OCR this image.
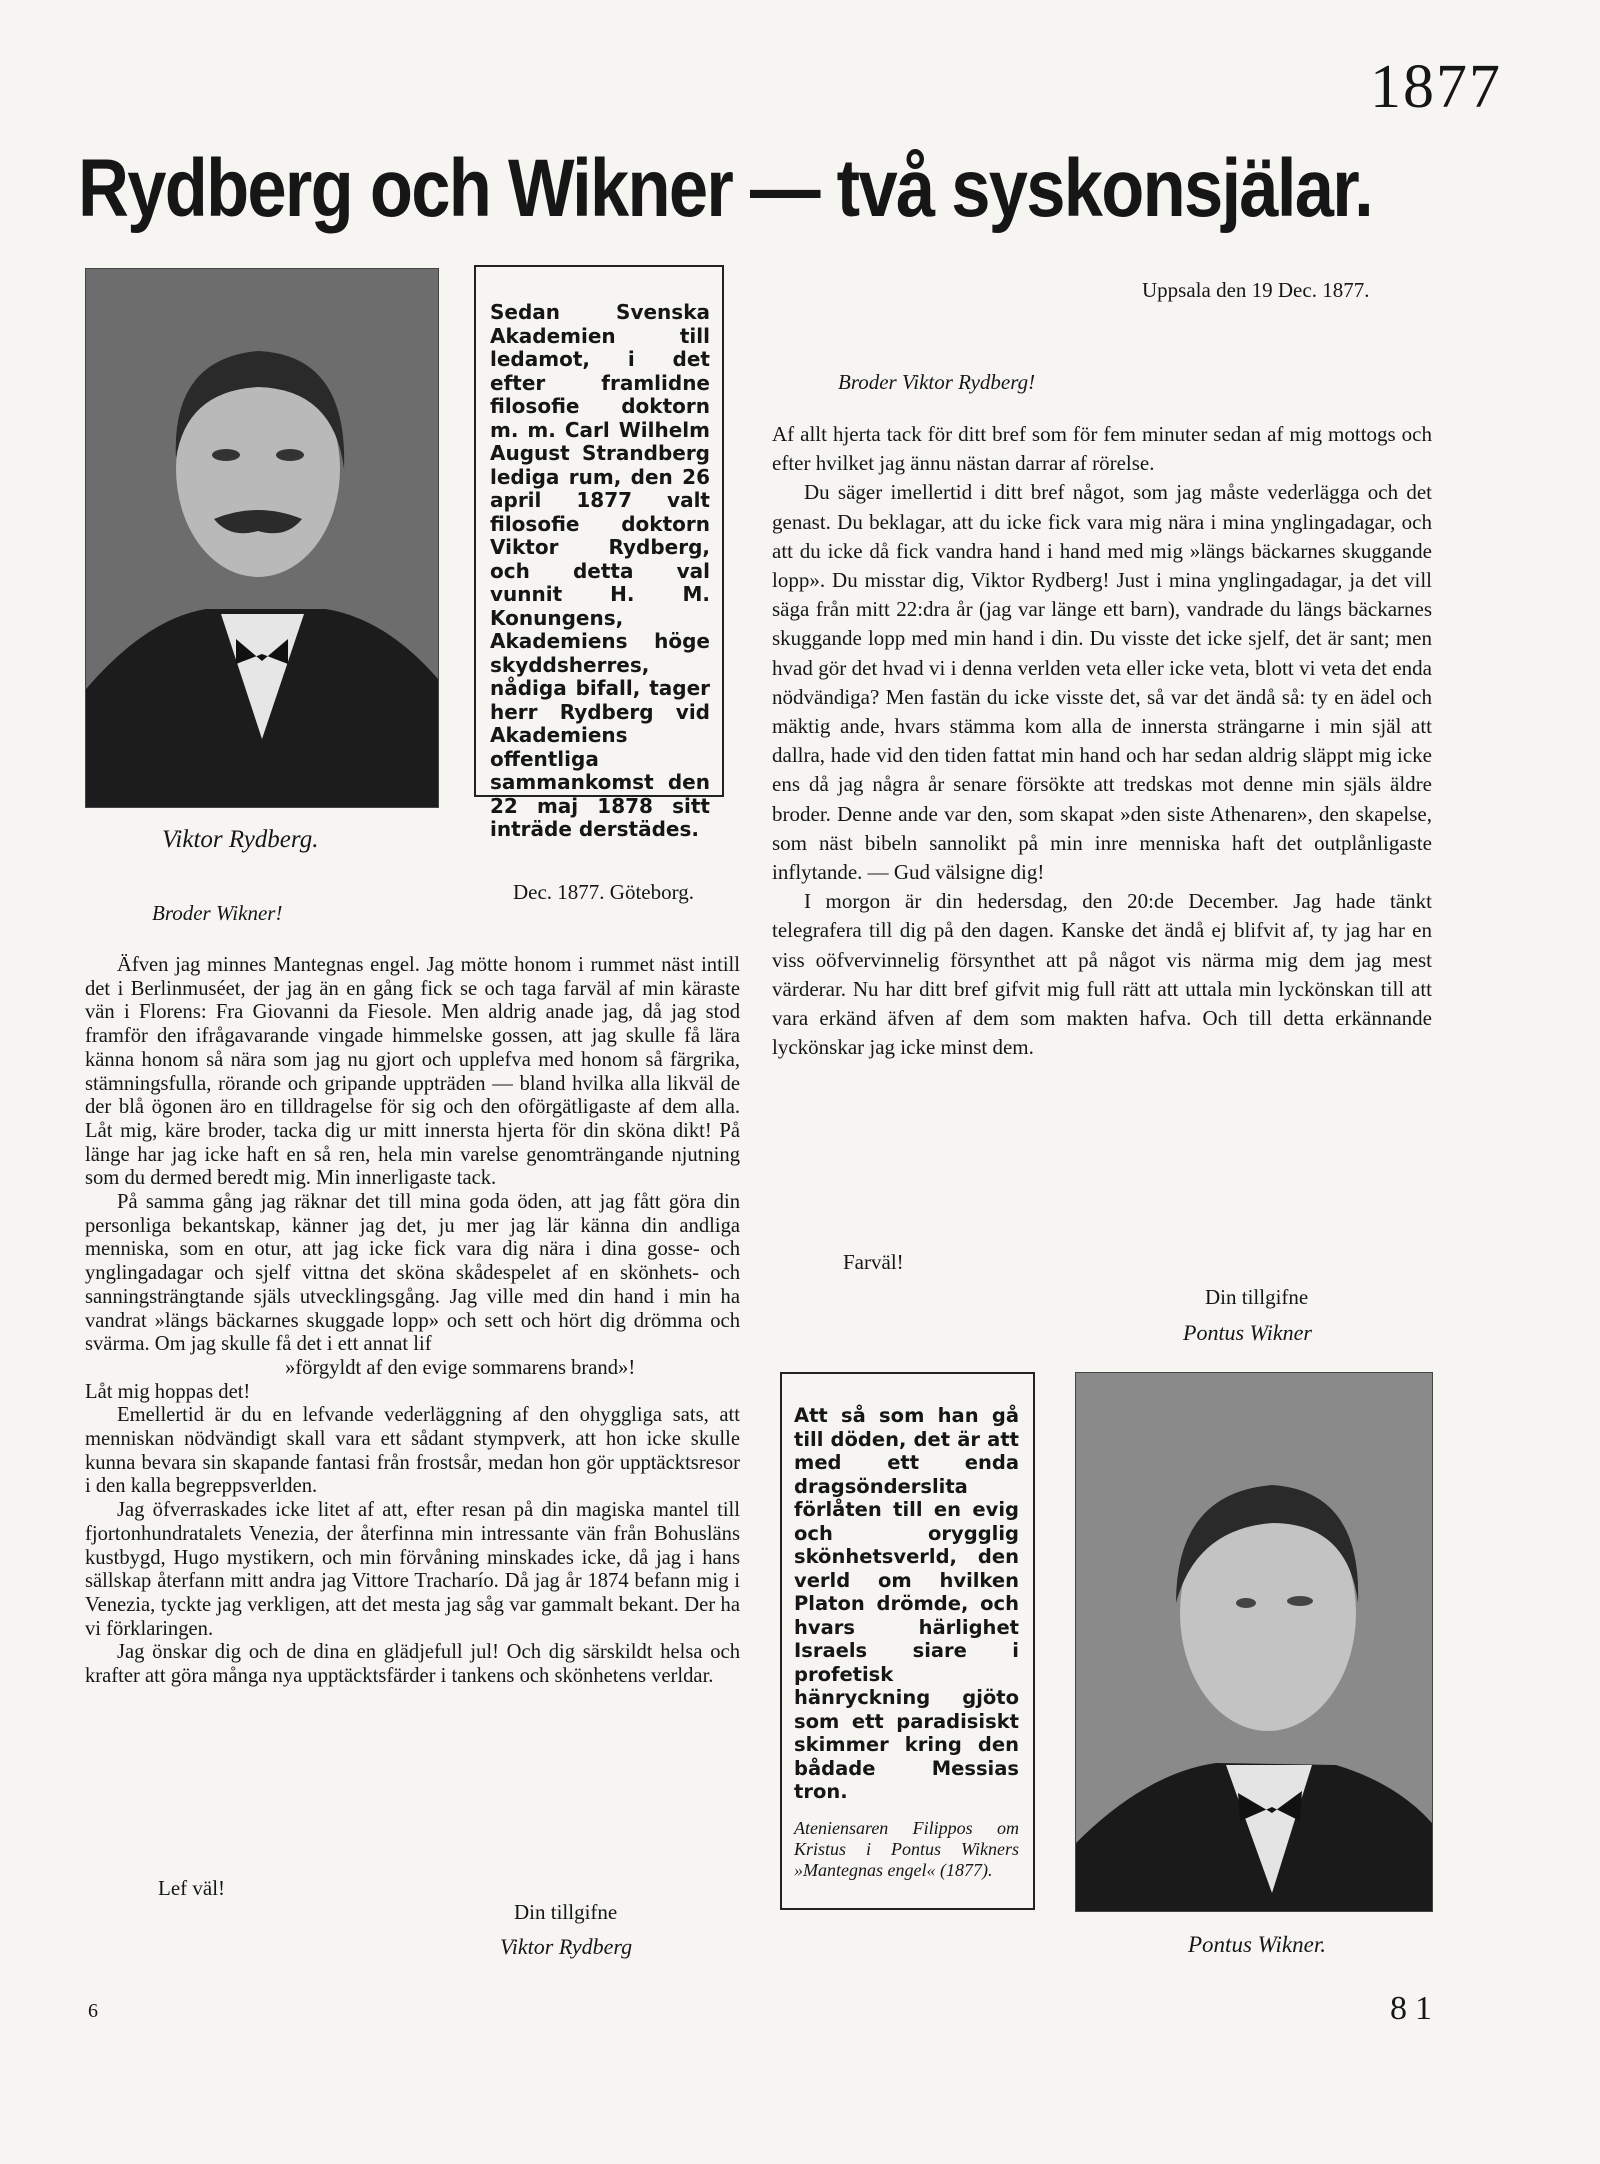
1877
Rydberg och Wikner — två syskonsjälar.
Sedan Svenska Akademien till ledamot, i det efter framlidne filosofie doktorn m. m. Carl Wilhelm August Strandberg lediga rum, den 26 april 1877 valt filosofie doktorn Viktor Rydberg, och detta val vunnit H. M. Konungens, Akademiens höge skyddsherres, nådiga bifall, tager herr Rydberg vid Akademiens offentliga sammankomst den 22 maj 1878 sitt inträde derstädes.
Viktor Rydberg.
Dec. 1877. Göteborg.
Broder Wikner!

Äfven jag minnes Mantegnas engel. Jag mötte honom i rummet näst intill det i Berlinmuséet, der jag än en gång fick se och taga farväl af min käraste vän i Florens: Fra Giovanni da Fiesole. Men aldrig anade jag, då jag stod framför den ifrågavarande vingade himmelske gossen, att jag skulle få lära känna honom så nära som jag nu gjort och upplefva med honom så färgrika, stämningsfulla, rörande och gripande uppträden — bland hvilka alla likväl de der blå ögonen äro en tilldragelse för sig och den oförgätligaste af dem alla. Låt mig, käre broder, tacka dig ur mitt innersta hjerta för din sköna dikt! På länge har jag icke haft en så ren, hela min varelse genomträngande njutning som du dermed beredt mig. Min innerligaste tack.

På samma gång jag räknar det till mina goda öden, att jag fått göra din personliga bekantskap, känner jag det, ju mer jag lär känna din andliga menniska, som en otur, att jag icke fick vara dig nära i dina gosse- och ynglingadagar och sjelf vittna det sköna skådespelet af en skönhets- och sanningsträngtande själs utvecklingsgång. Jag ville med din hand i min ha vandrat »längs bäckarnes skuggade lopp» och sett och hört dig drömma och svärma. Om jag skulle få det i ett annat lif

»förgyldt af den evige sommarens brand»!

Låt mig hoppas det!

Emellertid är du en lefvande vederläggning af den ohyggliga sats, att menniskan nödvändigt skall vara ett sådant stympverk, att hon icke skulle kunna bevara sin skapande fantasi från frostsår, medan hon gör upptäcktsresor i den kalla begreppsverlden.

Jag öfverraskades icke litet af att, efter resan på din magiska mantel till fjortonhundratalets Venezia, der återfinna min intressante vän från Bohusläns kustbygd, Hugo mystikern, och min förvåning minskades icke, då jag i hans sällskap återfann mitt andra jag Vittore Tracharío. Då jag år 1874 befann mig i Venezia, tyckte jag verkligen, att det mesta jag såg var gammalt bekant. Der ha vi förklaringen.

Jag önskar dig och de dina en glädjefull jul! Och dig särskildt helsa och krafter att göra många nya upptäcktsfärder i tankens och skönhetens verldar.

Lef väl!
Din tillgifne
Viktor Rydberg
Uppsala den 19 Dec. 1877.
Broder Viktor Rydberg!

Af allt hjerta tack för ditt bref som för fem minuter sedan af mig mottogs och efter hvilket jag ännu nästan darrar af rörelse.

Du säger imellertid i ditt bref något, som jag måste vederlägga och det genast. Du beklagar, att du icke fick vara mig nära i mina ynglingadagar, och att du icke då fick vandra hand i hand med mig »längs bäckarnes skuggande lopp». Du misstar dig, Viktor Rydberg! Just i mina ynglingadagar, ja det vill säga från mitt 22:dra år (jag var länge ett barn), vandrade du längs bäckarnes skuggande lopp med min hand i din. Du visste det icke sjelf, det är sant; men hvad gör det hvad vi i denna verlden veta eller icke veta, blott vi veta det enda nödvändiga? Men fastän du icke visste det, så var det ändå så: ty en ädel och mäktig ande, hvars stämma kom alla de innersta strängarne i min själ att dallra, hade vid den tiden fattat min hand och har sedan aldrig släppt mig icke ens då jag några år senare försökte att tredskas mot denne min själs äldre broder. Denne ande var den, som skapat »den siste Athenaren», den skapelse, som näst bibeln sannolikt på min inre menniska haft det outplånligaste inflytande. — Gud välsigne dig!

I morgon är din hedersdag, den 20:de December. Jag hade tänkt telegrafera till dig på den dagen. Kanske det ändå ej blifvit af, ty jag har en viss oöfvervinnelig försynthet att på något vis närma mig dem jag mest värderar. Nu har ditt bref gifvit mig full rätt att uttala min lyckönskan till att vara erkänd äfven af dem som makten hafva. Och till detta erkännande lyckönskar jag icke minst dem.

Farväl!
Din tillgifne
Pontus Wikner
Att så som han gå till döden, det är att med ett enda dragsönderslita förlåten till en evig och orygglig skönhetsverld, den verld om hvilken Platon drömde, och hvars härlighet Israels siare i profetisk hänryckning gjöto som ett paradisiskt skimmer kring den bådade Messias tron.
Ateniensaren Filippos om Kristus i Pontus Wikners »Mantegnas engel« (1877).
Pontus Wikner.
6	81
